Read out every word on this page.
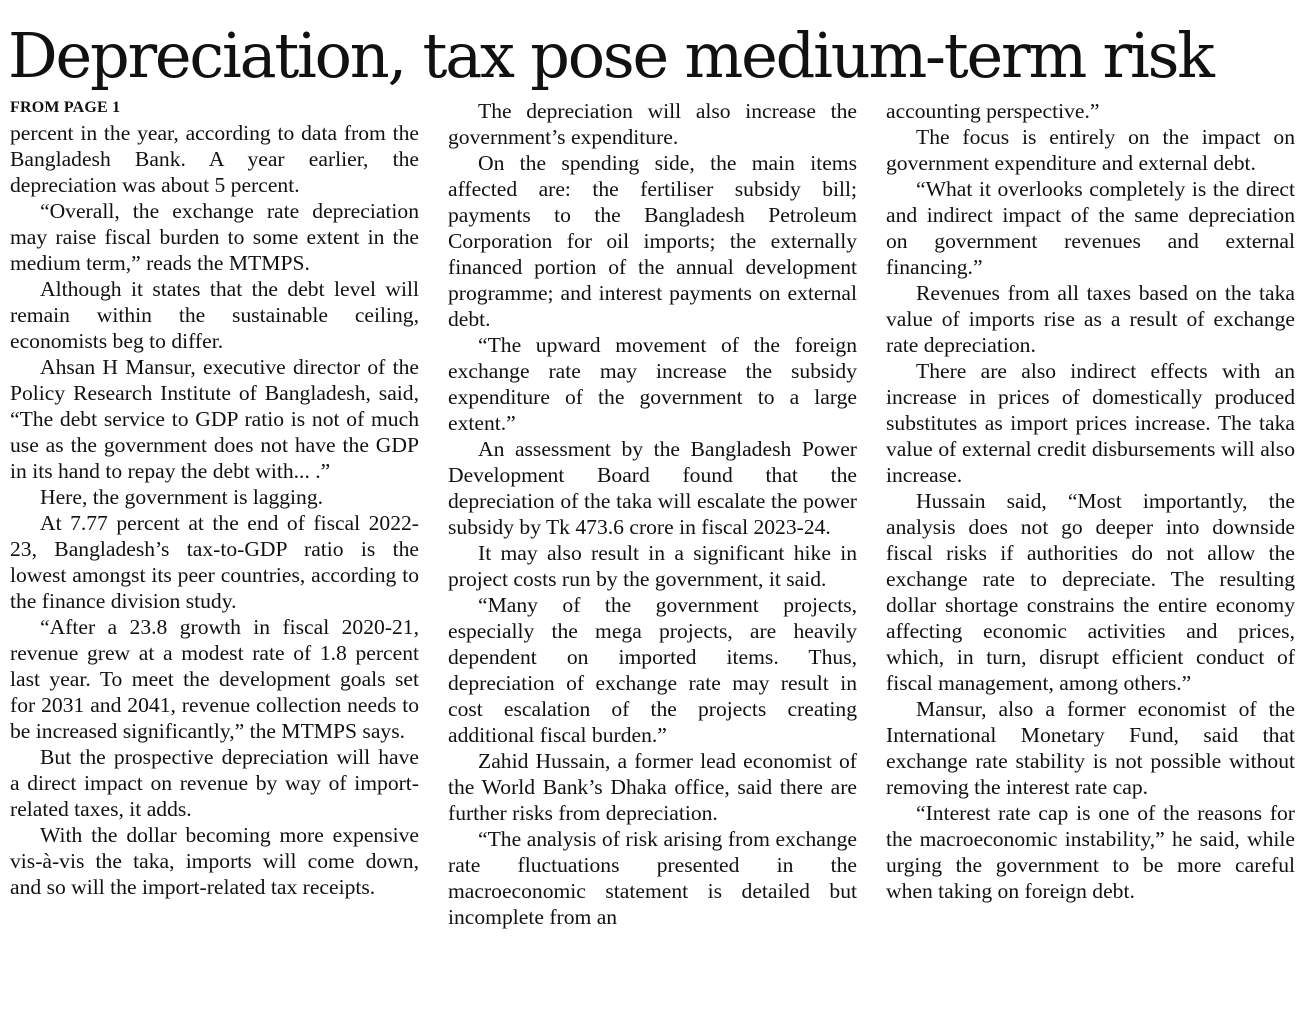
Depreciation, tax pose medium-term risk
FROM PAGE 1

percent in the year, according to data from the Bangladesh Bank. A year earlier, the depreciation was about 5 percent.

“Overall, the exchange rate depreciation may raise fiscal burden to some extent in the medium term,” reads the MTMPS.

Although it states that the debt level will remain within the sustainable ceiling, economists beg to differ.

Ahsan H Mansur, executive director of the Policy Research Institute of Bangladesh, said, “The debt service to GDP ratio is not of much use as the government does not have the GDP in its hand to repay the debt with... .”

Here, the government is lagging.

At 7.77 percent at the end of fiscal 2022-23, Bangladesh’s tax-to-GDP ratio is the lowest amongst its peer countries, according to the finance division study.

“After a 23.8 growth in fiscal 2020-21, revenue grew at a modest rate of 1.8 percent last year. To meet the development goals set for 2031 and 2041, revenue collection needs to be increased significantly,” the MTMPS says.

But the prospective depreciation will have a direct impact on revenue by way of import-related taxes, it adds.

With the dollar becoming more expensive vis-à-vis the taka, imports will come down, and so will the import-related tax receipts.

The depreciation will also increase the government’s expenditure.

On the spending side, the main items affected are: the fertiliser subsidy bill; payments to the Bangladesh Petroleum Corporation for oil imports; the externally financed portion of the annual development programme; and interest payments on external debt.

“The upward movement of the foreign exchange rate may increase the subsidy expenditure of the government to a large extent.”

An assessment by the Bangladesh Power Development Board found that the depreciation of the taka will escalate the power subsidy by Tk 473.6 crore in fiscal 2023-24.

It may also result in a significant hike in project costs run by the government, it said.

“Many of the government projects, especially the mega projects, are heavily dependent on imported items. Thus, depreciation of exchange rate may result in cost escalation of the projects creating additional fiscal burden.”

Zahid Hussain, a former lead economist of the World Bank’s Dhaka office, said there are further risks from depreciation.

“The analysis of risk arising from exchange rate fluctuations presented in the macroeconomic statement is detailed but incomplete from an

accounting perspective.”

The focus is entirely on the impact on government expenditure and external debt.

“What it overlooks completely is the direct and indirect impact of the same depreciation on government revenues and external financing.”

Revenues from all taxes based on the taka value of imports rise as a result of exchange rate depreciation.

There are also indirect effects with an increase in prices of domestically produced substitutes as import prices increase. The taka value of external credit disbursements will also increase.

Hussain said, “Most importantly, the analysis does not go deeper into downside fiscal risks if authorities do not allow the exchange rate to depreciate. The resulting dollar shortage constrains the entire economy affecting economic activities and prices, which, in turn, disrupt efficient conduct of fiscal management, among others.”

Mansur, also a former economist of the International Monetary Fund, said that exchange rate stability is not possible without removing the interest rate cap.

“Interest rate cap is one of the reasons for the macroeconomic instability,” he said, while urging the government to be more careful when taking on foreign debt.
